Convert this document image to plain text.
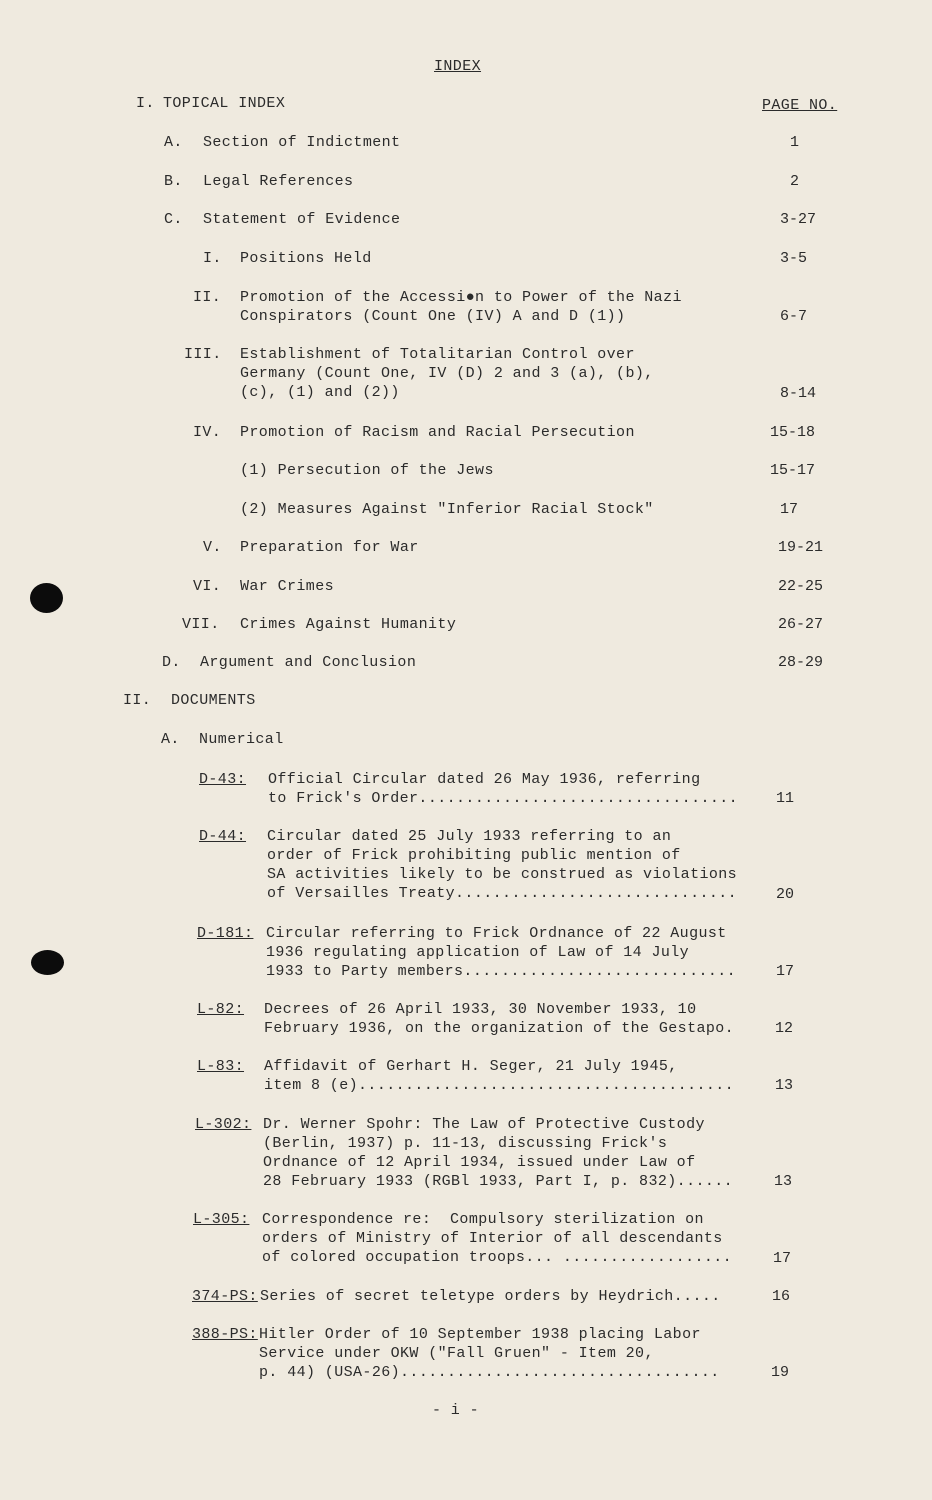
INDEX
I. TOPICAL INDEX	PAGE NO.
A. Section of Indictment	1
B. Legal References	2
C. Statement of Evidence	3-27
I. Positions Held	3-5
II. Promotion of the Accessi●n to Power of the Nazi
Conspirators (Count One (IV) A and D (1))	6-7
III. Establishment of Totalitarian Control over
Germany (Count One, IV (D) 2 and 3 (a), (b),
(c), (1) and (2))	8-14
IV. Promotion of Racism and Racial Persecution	15-18
(1) Persecution of the Jews	15-17
(2) Measures Against "Inferior Racial Stock"	17
V. Preparation for War	19-21
VI. War Crimes	22-25
VII. Crimes Against Humanity	26-27
D. Argument and Conclusion	28-29
II. DOCUMENTS
A. Numerical
D-43: Official Circular dated 26 May 1936, referring
to Frick's Order..................................	11
D-44: Circular dated 25 July 1933 referring to an
order of Frick prohibiting public mention of
SA activities likely to be construed as violations
of Versailles Treaty..............................	20
D-181: Circular referring to Frick Ordnance of 22 August
1936 regulating application of Law of 14 July
1933 to Party members.............................	17
L-82: Decrees of 26 April 1933, 30 November 1933, 10
February 1936, on the organization of the Gestapo.	12
L-83: Affidavit of Gerhart H. Seger, 21 July 1945,
item 8 (e)........................................	13
L-302: Dr. Werner Spohr: The Law of Protective Custody
(Berlin, 1937) p. 11-13, discussing Frick's
Ordnance of 12 April 1934, issued under Law of
28 February 1933 (RGBl 1933, Part I, p. 832)......	13
L-305: Correspondence re:  Compulsory sterilization on
orders of Ministry of Interior of all descendants
of colored occupation troops... ..................	17
374-PS: Series of secret teletype orders by Heydrich.....	16
388-PS: Hitler Order of 10 September 1938 placing Labor
Service under OKW ("Fall Gruen" - Item 20,
p. 44) (USA-26)..................................	19
- i -
